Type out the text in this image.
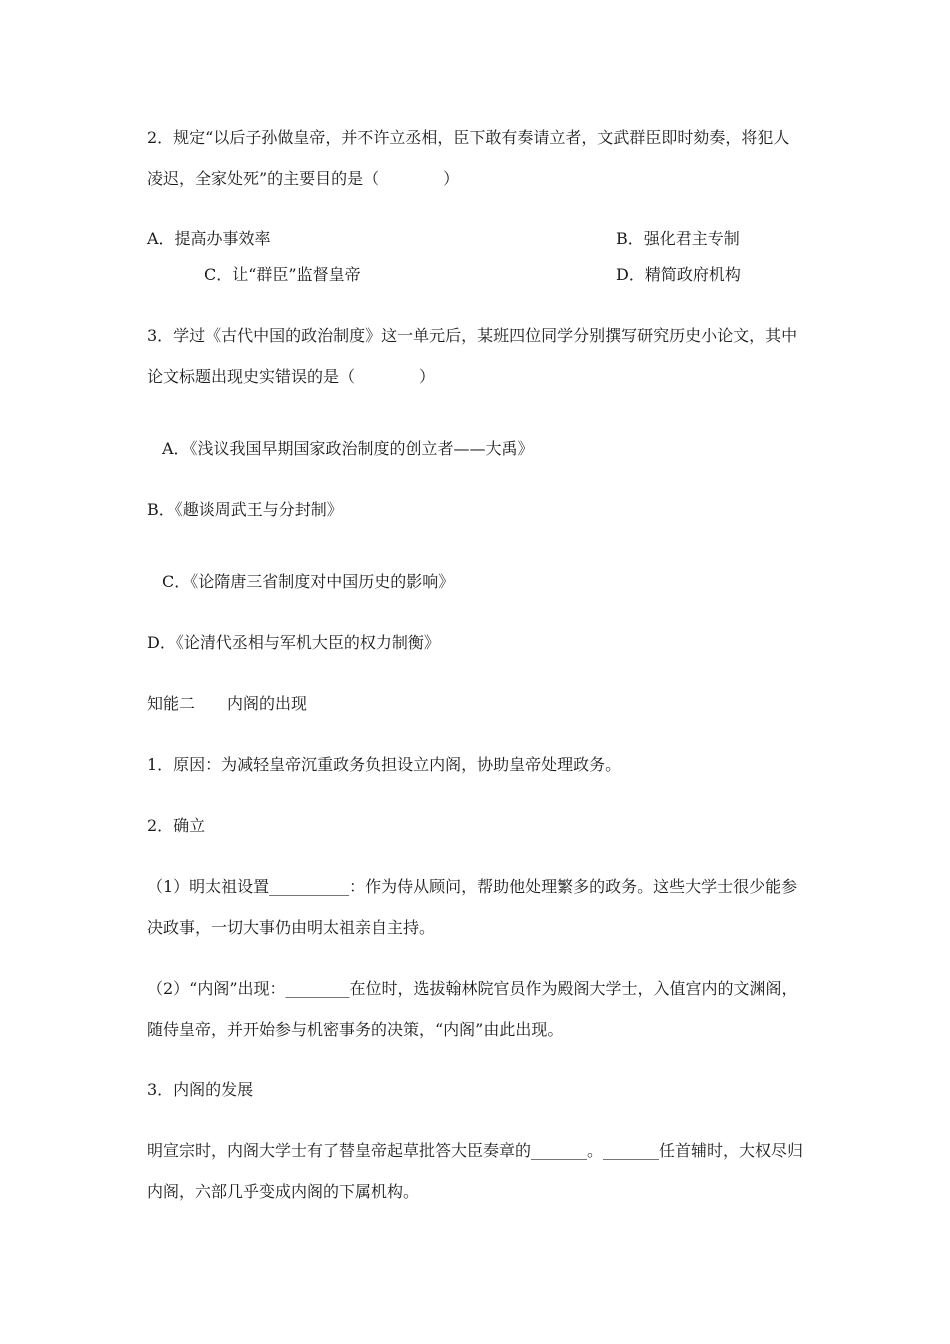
2．规定“以后子孙做皇帝，并不许立丞相，臣下敢有奏请立者，文武群臣即时劾奏，将犯人
凌迟，全家处死”的主要目的是（　　　　）
A．提高办事效率	B．强化君主专制
C．让“群臣”监督皇帝	D．精简政府机构
3．学过《古代中国的政治制度》这一单元后，某班四位同学分别撰写研究历史小论文，其中
论文标题出现史实错误的是（　　　　）
A．《浅议我国早期国家政治制度的创立者——大禹》
B．《趣谈周武王与分封制》
C．《论隋唐三省制度对中国历史的影响》
D．《论清代丞相与军机大臣的权力制衡》
知能二　　内阁的出现
1．原因：为减轻皇帝沉重政务负担设立内阁，协助皇帝处理政务。
2．确立
（1）明太祖设置__________：作为侍从顾问，帮助他处理繁多的政务。这些大学士很少能参
决政事，一切大事仍由明太祖亲自主持。
（2）“内阁”出现：________在位时，选拔翰林院官员作为殿阁大学士，入值宫内的文渊阁，
随侍皇帝，并开始参与机密事务的决策，“内阁”由此出现。
3．内阁的发展
明宣宗时，内阁大学士有了替皇帝起草批答大臣奏章的_______。_______任首辅时，大权尽归
内阁，六部几乎变成内阁的下属机构。
